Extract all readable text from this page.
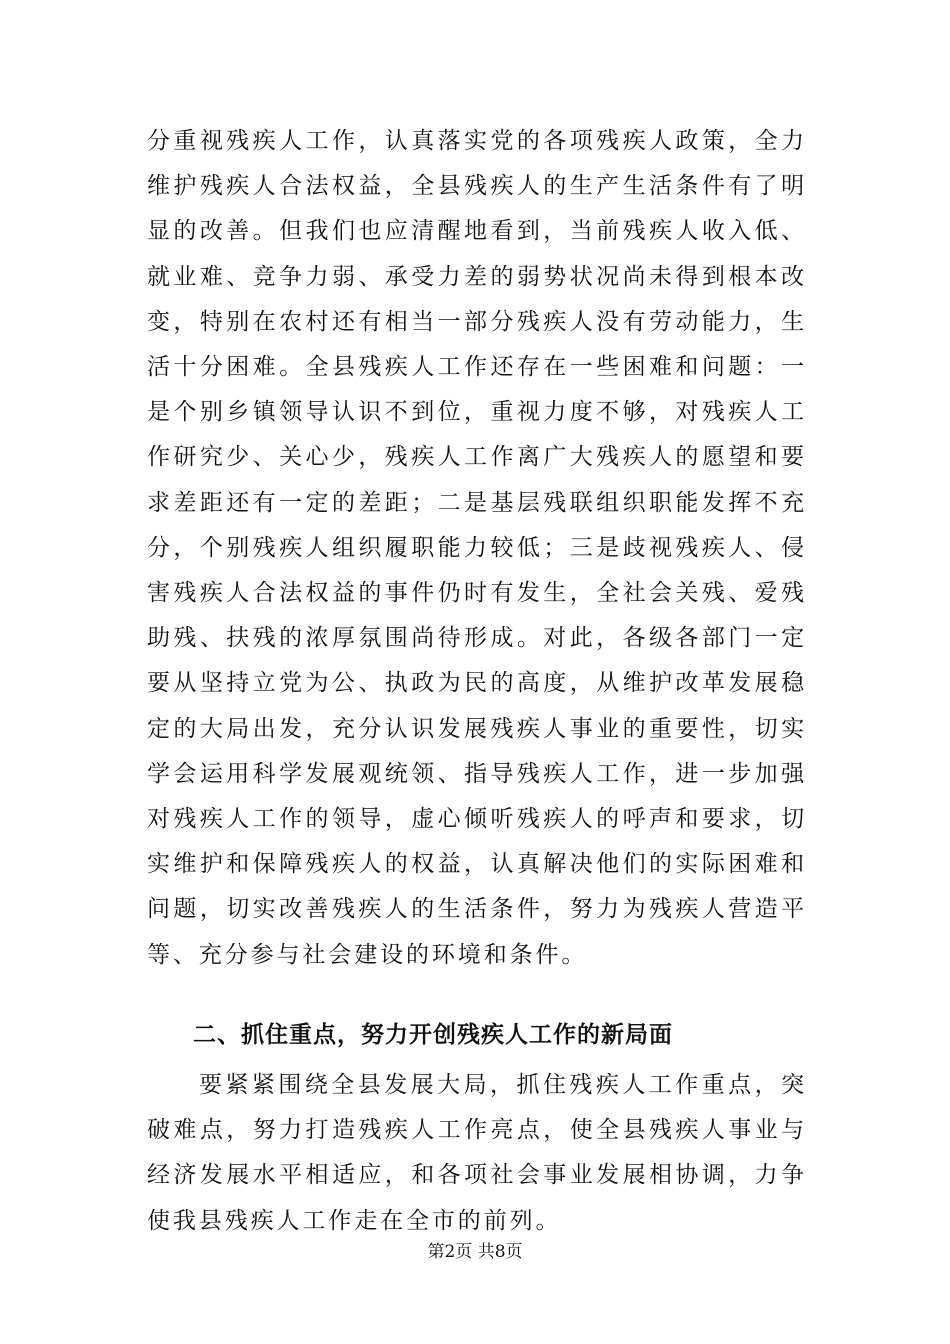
分重视残疾人工作，认真落实党的各项残疾人政策，全力维护残疾人合法权益，全县残疾人的生产生活条件有了明显的改善。但我们也应清醒地看到，当前残疾人收入低、就业难、竞争力弱、承受力差的弱势状况尚未得到根本改变，特别在农村还有相当一部分残疾人没有劳动能力，生活十分困难。全县残疾人工作还存在一些困难和问题：一是个别乡镇领导认识不到位，重视力度不够，对残疾人工作研究少、关心少，残疾人工作离广大残疾人的愿望和要求差距还有一定的差距；二是基层残联组织职能发挥不充分，个别残疾人组织履职能力较低；三是歧视残疾人、侵害残疾人合法权益的事件仍时有发生，全社会关残、爱残助残、扶残的浓厚氛围尚待形成。对此，各级各部门一定要从坚持立党为公、执政为民的高度，从维护改革发展稳定的大局出发，充分认识发展残疾人事业的重要性，切实学会运用科学发展观统领、指导残疾人工作，进一步加强对残疾人工作的领导，虚心倾听残疾人的呼声和要求，切实维护和保障残疾人的权益，认真解决他们的实际困难和问题，切实改善残疾人的生活条件，努力为残疾人营造平等、充分参与社会建设的环境和条件。

二、抓住重点，努力开创残疾人工作的新局面

要紧紧围绕全县发展大局，抓住残疾人工作重点，突破难点，努力打造残疾人工作亮点，使全县残疾人事业与经济发展水平相适应，和各项社会事业发展相协调，力争使我县残疾人工作走在全市的前列。

第2页 共8页
